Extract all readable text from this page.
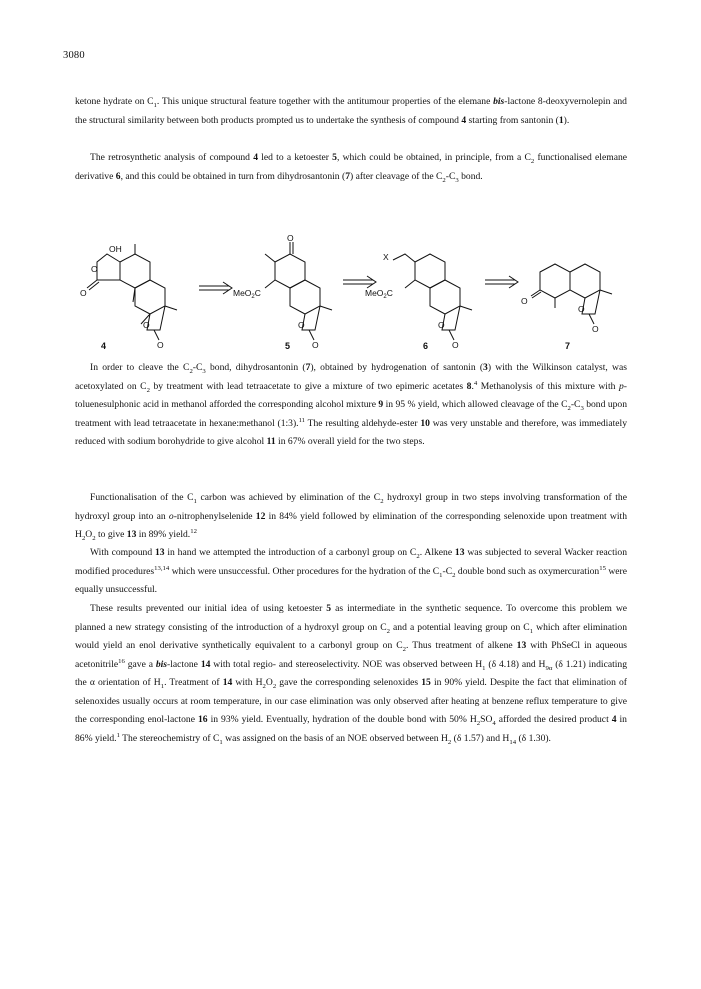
3080

ketone hydrate on $C_1$. This unique structural feature together with the antitumour properties of the elemane bis-lactone 8-deoxyvernolepin and the structural similarity between both products prompted us to undertake the synthesis of compound 4 starting from santonin (1).

The retrosynthetic analysis of compound 4 led to a ketoester 5, which could be obtained, in principle, from a $C_2$ functionalised elemane derivative 6, and this could be obtained in turn from dihydrosantonin (7) after cleavage of the $C_2-C_3$ bond.

OH
O
O
O
O
4
O
MeO$_2$C
O
O
5
X
MeO$_2$C
O
O
6
O
O
O
7

In order to cleave the $C_2-C_3$ bond, dihydrosantonin (7), obtained by hydrogenation of santonin (3) with the Wilkinson catalyst, was acetoxylated on $C_2$ by treatment with lead tetraacetate to give a mixture of two epimeric acetates 8.$^4$ Methanolysis of this mixture with p-toluenesulphonic acid in methanol afforded the corresponding alcohol mixture 9 in 95 % yield, which allowed cleavage of the $C_2-C_3$ bond upon treatment with lead tetraacetate in hexane:methanol (1:3).$^{11}$ The resulting aldehyde-ester 10 was very unstable and therefore, was immediately reduced with sodium borohydride to give alcohol 11 in 67% overall yield for the two steps.

Functionalisation of the $C_1$ carbon was achieved by elimination of the $C_2$ hydroxyl group in two steps involving transformation of the hydroxyl group into an o-nitrophenylselenide 12 in 84% yield followed by elimination of the corresponding selenoxide upon treatment with $H_2O_2$ to give 13 in 89% yield.$^{12}$

With compound 13 in hand we attempted the introduction of a carbonyl group on $C_2$. Alkene 13 was subjected to several Wacker reaction modified procedures$^{13,14}$ which were unsuccessful. Other procedures for the hydration of the $C_1-C_2$ double bond such as oxymercuration$^{15}$ were equally unsuccessful.

These results prevented our initial idea of using ketoester 5 as intermediate in the synthetic sequence. To overcome this problem we planned a new strategy consisting of the introduction of a hydroxyl group on $C_2$ and a potential leaving group on $C_1$ which after elimination would yield an enol derivative synthetically equivalent to a carbonyl group on $C_2$. Thus treatment of alkene 13 with PhSeCl in aqueous acetonitrile$^{16}$ gave a bis-lactone 14 with total regio- and stereoselectivity. NOE was observed between $H_1$ (δ 4.18) and $H_{9\alpha}$ (δ 1.21) indicating the α orientation of $H_1$. Treatment of 14 with $H_2O_2$ gave the corresponding selenoxides 15 in 90% yield. Despite the fact that elimination of selenoxides usually occurs at room temperature, in our case elimination was only observed after heating at benzene reflux temperature to give the corresponding enol-lactone 16 in 93% yield. Eventually, hydration of the double bond with 50% $H_2SO_4$ afforded the desired product 4 in 86% yield.$^1$ The stereochemistry of $C_1$ was assigned on the basis of an NOE observed between $H_2$ (δ 1.57) and $H_{14}$ (δ 1.30).
